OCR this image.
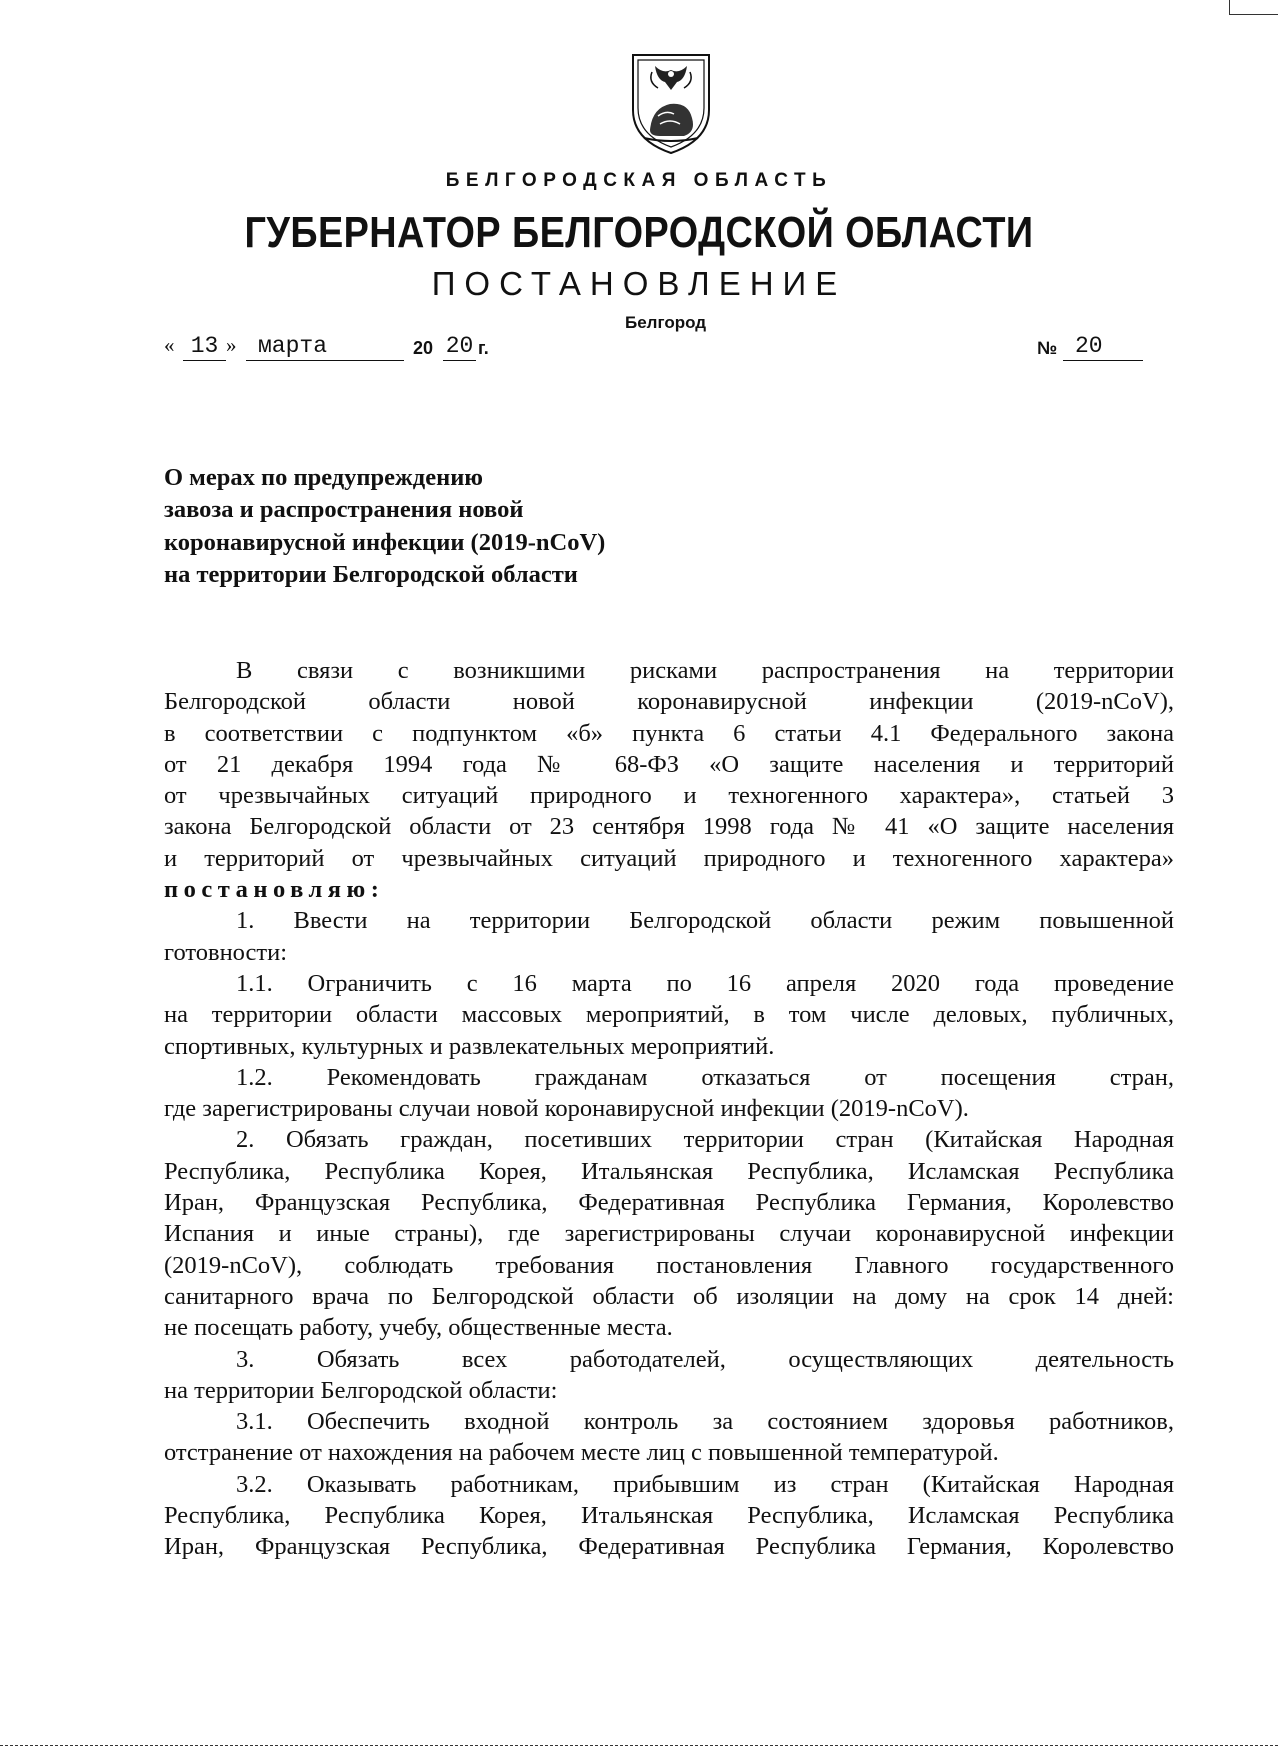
БЕЛГОРОДСКАЯ ОБЛАСТЬ
ГУБЕРНАТОР БЕЛГОРОДСКОЙ ОБЛАСТИ
ПОСТАНОВЛЕНИЕ
Белгород
« 13 » марта	20 20 г.	№ 20
О мерах по предупреждению
завоза и распространения новой
коронавирусной инфекции (2019-nCoV)
на территории Белгородской области

В связи с возникшими рисками распространения на территории

Белгородской области новой коронавирусной инфекции (2019-nCoV),

в соответствии с подпунктом «б» пункта 6 статьи 4.1 Федерального закона

от 21 декабря 1994 года № 68-ФЗ «О защите населения и территорий

от чрезвычайных ситуаций природного и техногенного характера», статьей 3

закона Белгородской области от 23 сентября 1998 года № 41 «О защите населения

и территорий от чрезвычайных ситуаций природного и техногенного характера»

постановляю:

1. Ввести на территории Белгородской области режим повышенной

готовности:

1.1. Ограничить с 16 марта по 16 апреля 2020 года проведение

на территории области массовых мероприятий, в том числе деловых, публичных,

спортивных, культурных и развлекательных мероприятий.

1.2. Рекомендовать гражданам отказаться от посещения стран,

где зарегистрированы случаи новой коронавирусной инфекции (2019-nCoV).

2. Обязать граждан, посетивших территории стран (Китайская Народная

Республика, Республика Корея, Итальянская Республика, Исламская Республика

Иран, Французская Республика, Федеративная Республика Германия, Королевство

Испания и иные страны), где зарегистрированы случаи коронавирусной инфекции

(2019-nCoV), соблюдать требования постановления Главного государственного

санитарного врача по Белгородской области об изоляции на дому на срок 14 дней:

не посещать работу, учебу, общественные места.

3. Обязать всех работодателей, осуществляющих деятельность

на территории Белгородской области:

3.1. Обеспечить входной контроль за состоянием здоровья работников,

отстранение от нахождения на рабочем месте лиц с повышенной температурой.

3.2. Оказывать работникам, прибывшим из стран (Китайская Народная

Республика, Республика Корея, Итальянская Республика, Исламская Республика

Иран, Французская Республика, Федеративная Республика Германия, Королевство
